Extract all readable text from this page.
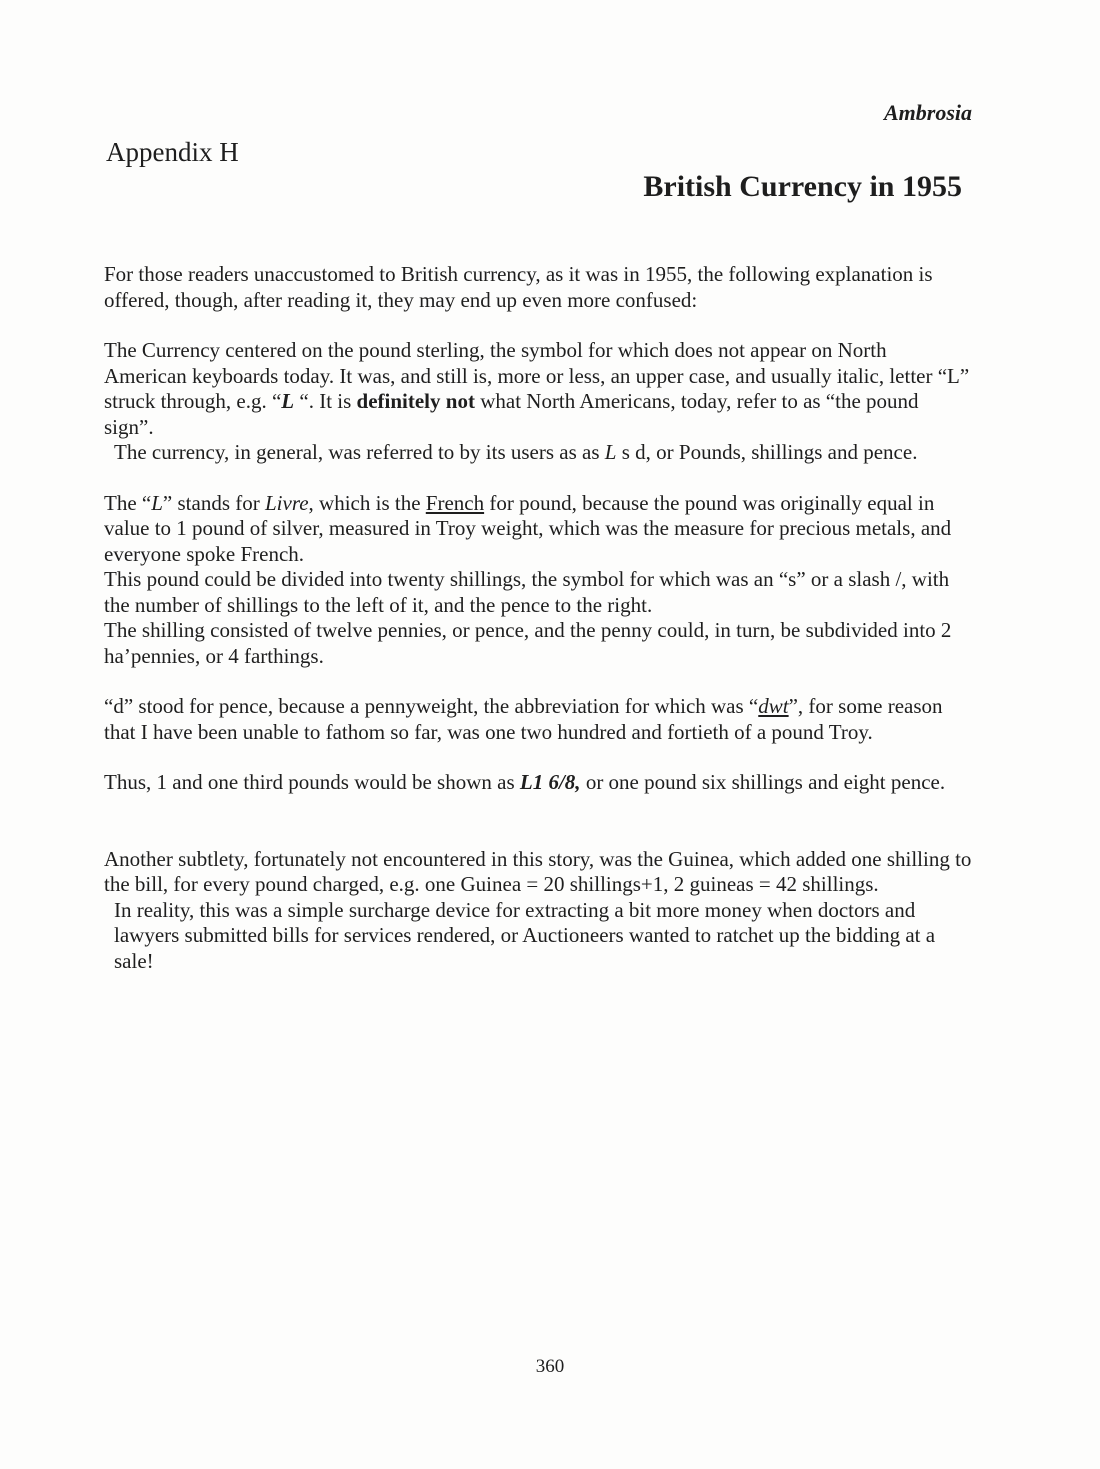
Ambrosia
Appendix H
British Currency in 1955

For those readers unaccustomed to British currency, as it was in 1955, the following explanation is offered, though, after reading it, they may end up even more confused:

The Currency centered on the pound sterling, the symbol for which does not appear on North American keyboards today. It was, and still is, more or less, an upper case, and usually italic, letter “L” struck through, e.g. “L “. It is definitely not what North Americans, today, refer to as “the pound sign”.

The currency, in general, was referred to by its users as as L s d, or Pounds, shillings and pence.

The “L” stands for Livre, which is the French for pound, because the pound was originally equal in value to 1 pound of silver, measured in Troy weight, which was the measure for precious metals, and everyone spoke French.

This pound could be divided into twenty shillings, the symbol for which was an “s” or a slash /, with the number of shillings to the left of it, and the pence to the right.

The shilling consisted of twelve pennies, or pence, and the penny could, in turn, be subdivided into 2 ha’pennies, or 4 farthings.

“d” stood for pence, because a pennyweight, the abbreviation for which was “dwt”, for some reason that I have been unable to fathom so far, was one two hundred and fortieth of a pound Troy.

Thus, 1 and one third pounds would be shown as L1 6/8, or one pound six shillings and eight pence.

Another subtlety, fortunately not encountered in this story, was the Guinea, which added one shilling to the bill, for every pound charged, e.g. one Guinea = 20 shillings+1, 2 guineas = 42 shillings.

In reality, this was a simple surcharge device for extracting a bit more money when doctors and lawyers submitted bills for services rendered, or Auctioneers wanted to ratchet up the bidding at a sale!

360
